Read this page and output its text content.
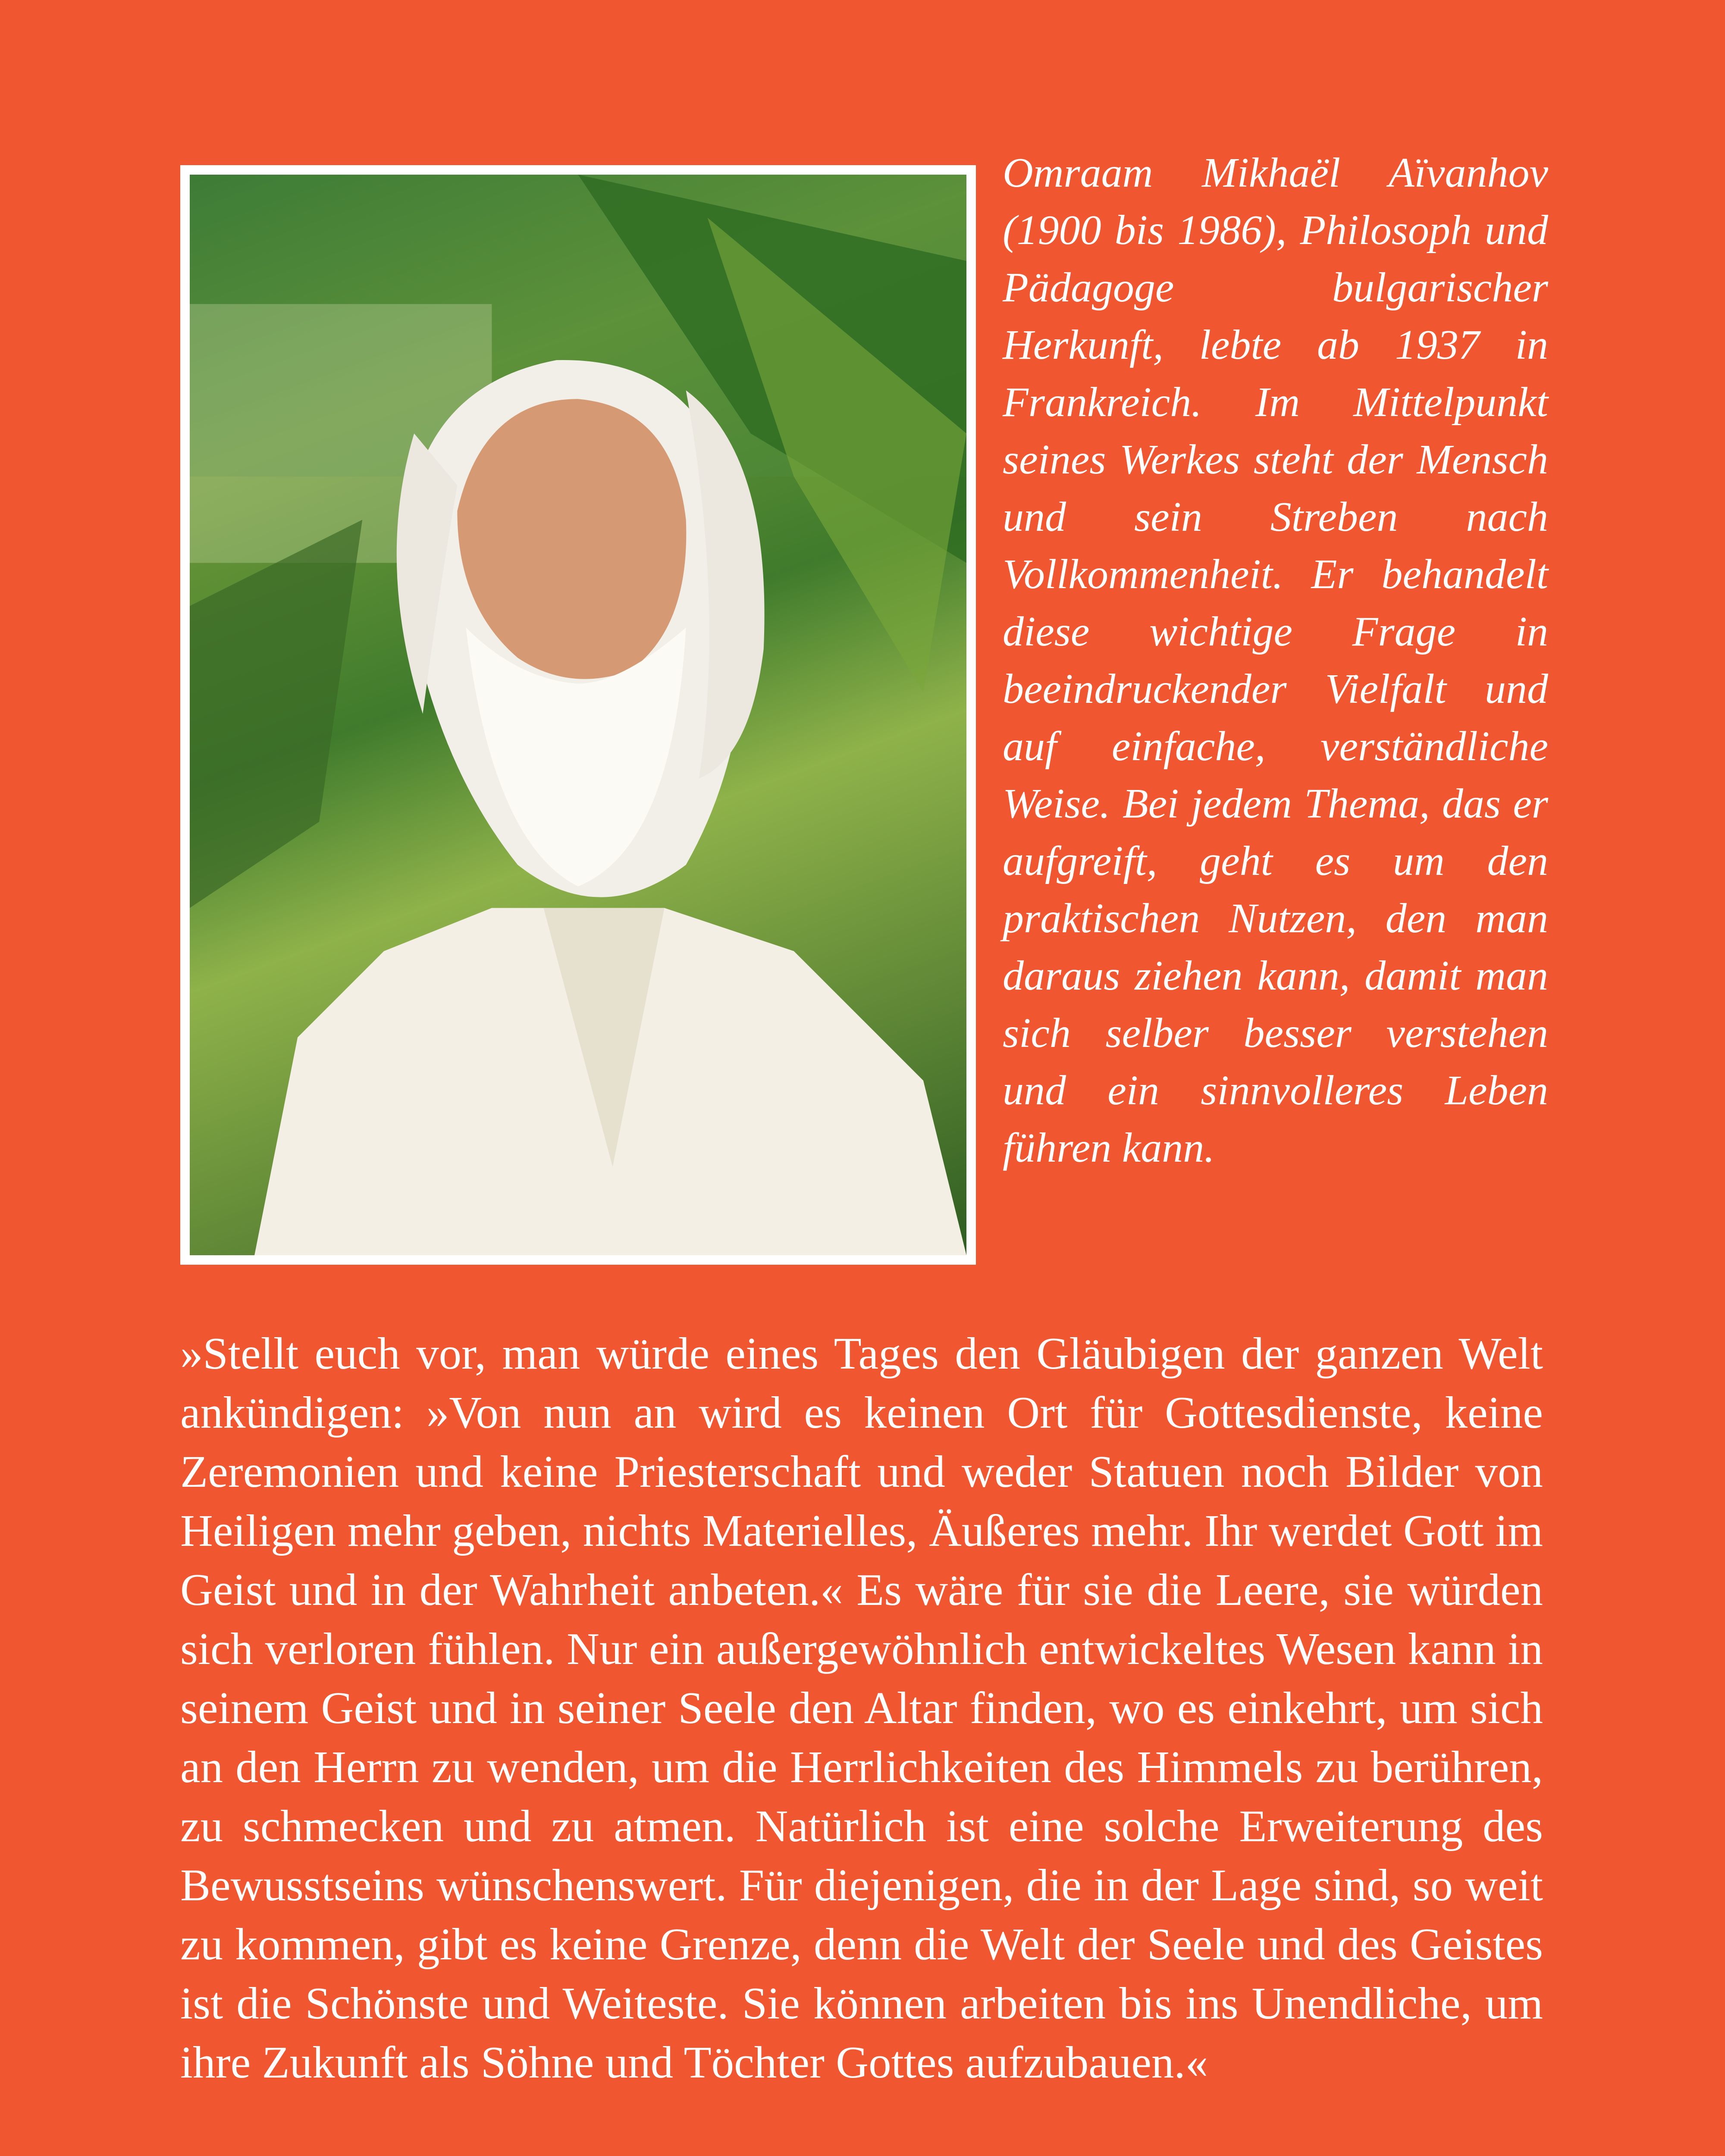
Omraam Mikhaël Aïvanhov (1900 bis 1986), Philosoph und Pädagoge bulgarischer Herkunft, lebte ab 1937 in Frankreich. Im Mittelpunkt seines Werkes steht der Mensch und sein Streben nach Vollkommenheit. Er behandelt diese wichtige Frage in beeindruckender Vielfalt und auf einfache, verständliche Weise. Bei jedem Thema, das er aufgreift, geht es um den praktischen Nutzen, den man daraus ziehen kann, damit man sich selber besser verstehen und ein sinnvolleres Leben führen kann.

»Stellt euch vor, man würde eines Tages den Gläubigen der ganzen Welt ankündigen: »Von nun an wird es keinen Ort für Gottesdienste, keine Zeremonien und keine Priesterschaft und weder Statuen noch Bilder von Heiligen mehr geben, nichts Materielles, Äußeres mehr. Ihr werdet Gott im Geist und in der Wahrheit anbeten.« Es wäre für sie die Leere, sie würden sich verloren fühlen. Nur ein außergewöhnlich entwickeltes Wesen kann in seinem Geist und in seiner Seele den Altar finden, wo es einkehrt, um sich an den Herrn zu wenden, um die Herrlichkeiten des Himmels zu berühren, zu schmecken und zu atmen. Natürlich ist eine solche Erweiterung des Bewusstseins wünschenswert. Für diejenigen, die in der Lage sind, so weit zu kommen, gibt es keine Grenze, denn die Welt der Seele und des Geistes ist die Schönste und Weiteste. Sie können arbeiten bis ins Unendliche, um ihre Zukunft als Söhne und Töchter Gottes aufzubauen.«
